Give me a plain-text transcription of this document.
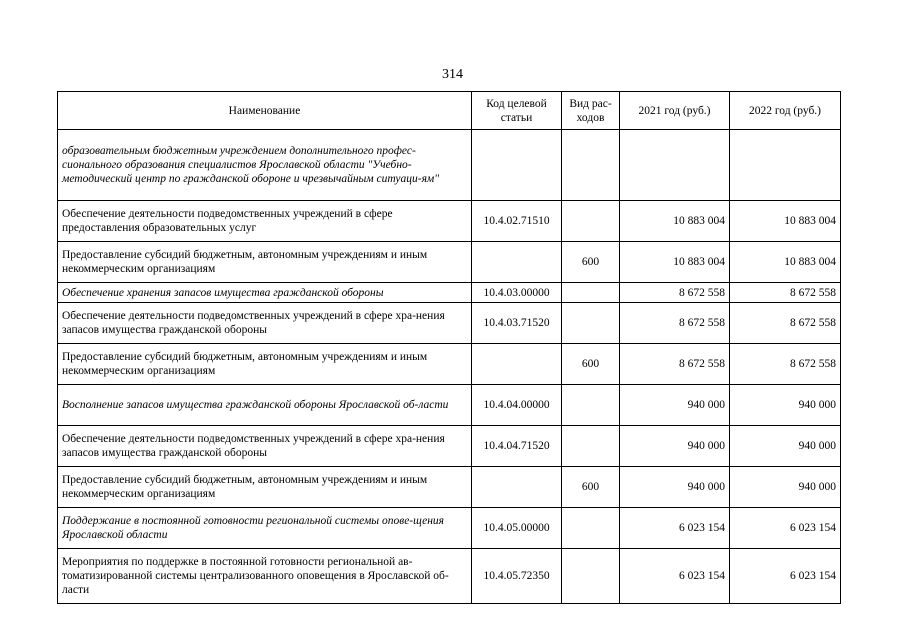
314
Наименование	Код целевой статьи	Вид рас-ходов	2021 год (руб.)	2022 год (руб.)
образовательным бюджетным учреждением дополнительного профес-сионального образования специалистов Ярославской области "Учебно-методический центр по гражданской обороне и чрезвычайным ситуаци-ям"				
Обеспечение деятельности подведомственных учреждений в сфере предоставления образовательных услуг	10.4.02.71510		10 883 004	10 883 004
Предоставление субсидий бюджетным, автономным учреждениям и иным некоммерческим организациям		600	10 883 004	10 883 004
Обеспечение хранения запасов имущества гражданской обороны	10.4.03.00000		8 672 558	8 672 558
Обеспечение деятельности подведомственных учреждений в сфере хра-нения запасов имущества гражданской обороны	10.4.03.71520		8 672 558	8 672 558
Предоставление субсидий бюджетным, автономным учреждениям и иным некоммерческим организациям		600	8 672 558	8 672 558
Восполнение запасов имущества гражданской обороны Ярославской об-ласти	10.4.04.00000		940 000	940 000
Обеспечение деятельности подведомственных учреждений в сфере хра-нения запасов имущества гражданской обороны	10.4.04.71520		940 000	940 000
Предоставление субсидий бюджетным, автономным учреждениям и иным некоммерческим организациям		600	940 000	940 000
Поддержание в постоянной готовности региональной системы опове-щения Ярославской области	10.4.05.00000		6 023 154	6 023 154
Мероприятия по поддержке в постоянной готовности региональной ав-томатизированной системы централизованного оповещения в Ярославской об-ласти	10.4.05.72350		6 023 154	6 023 154
